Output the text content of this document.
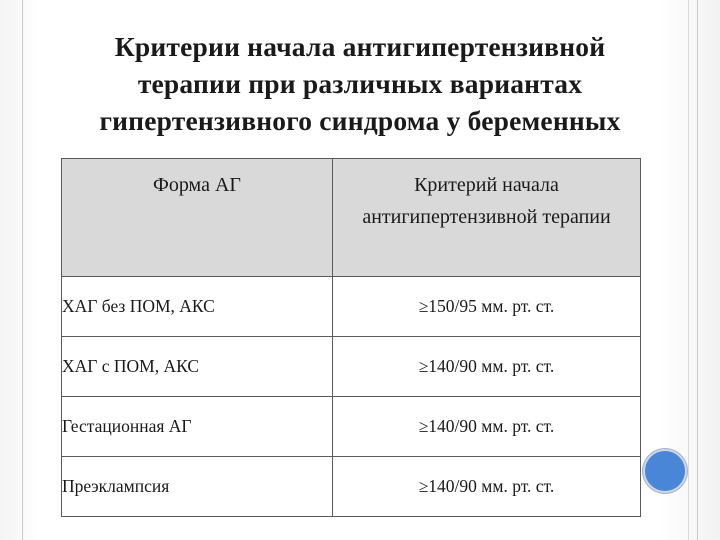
Критерии начала антигипертензивной
терапии при различных вариантах
гипертензивного синдрома у беременных
Форма АГ	Критерий начала антигипертензивной терапии

ХАГ без ПОМ, АКС	≥150/95 мм. рт. ст.
ХАГ с ПОМ, АКС	≥140/90 мм. рт. ст.
Гестационная АГ	≥140/90 мм. рт. ст.
Преэклампсия	≥140/90 мм. рт. ст.
